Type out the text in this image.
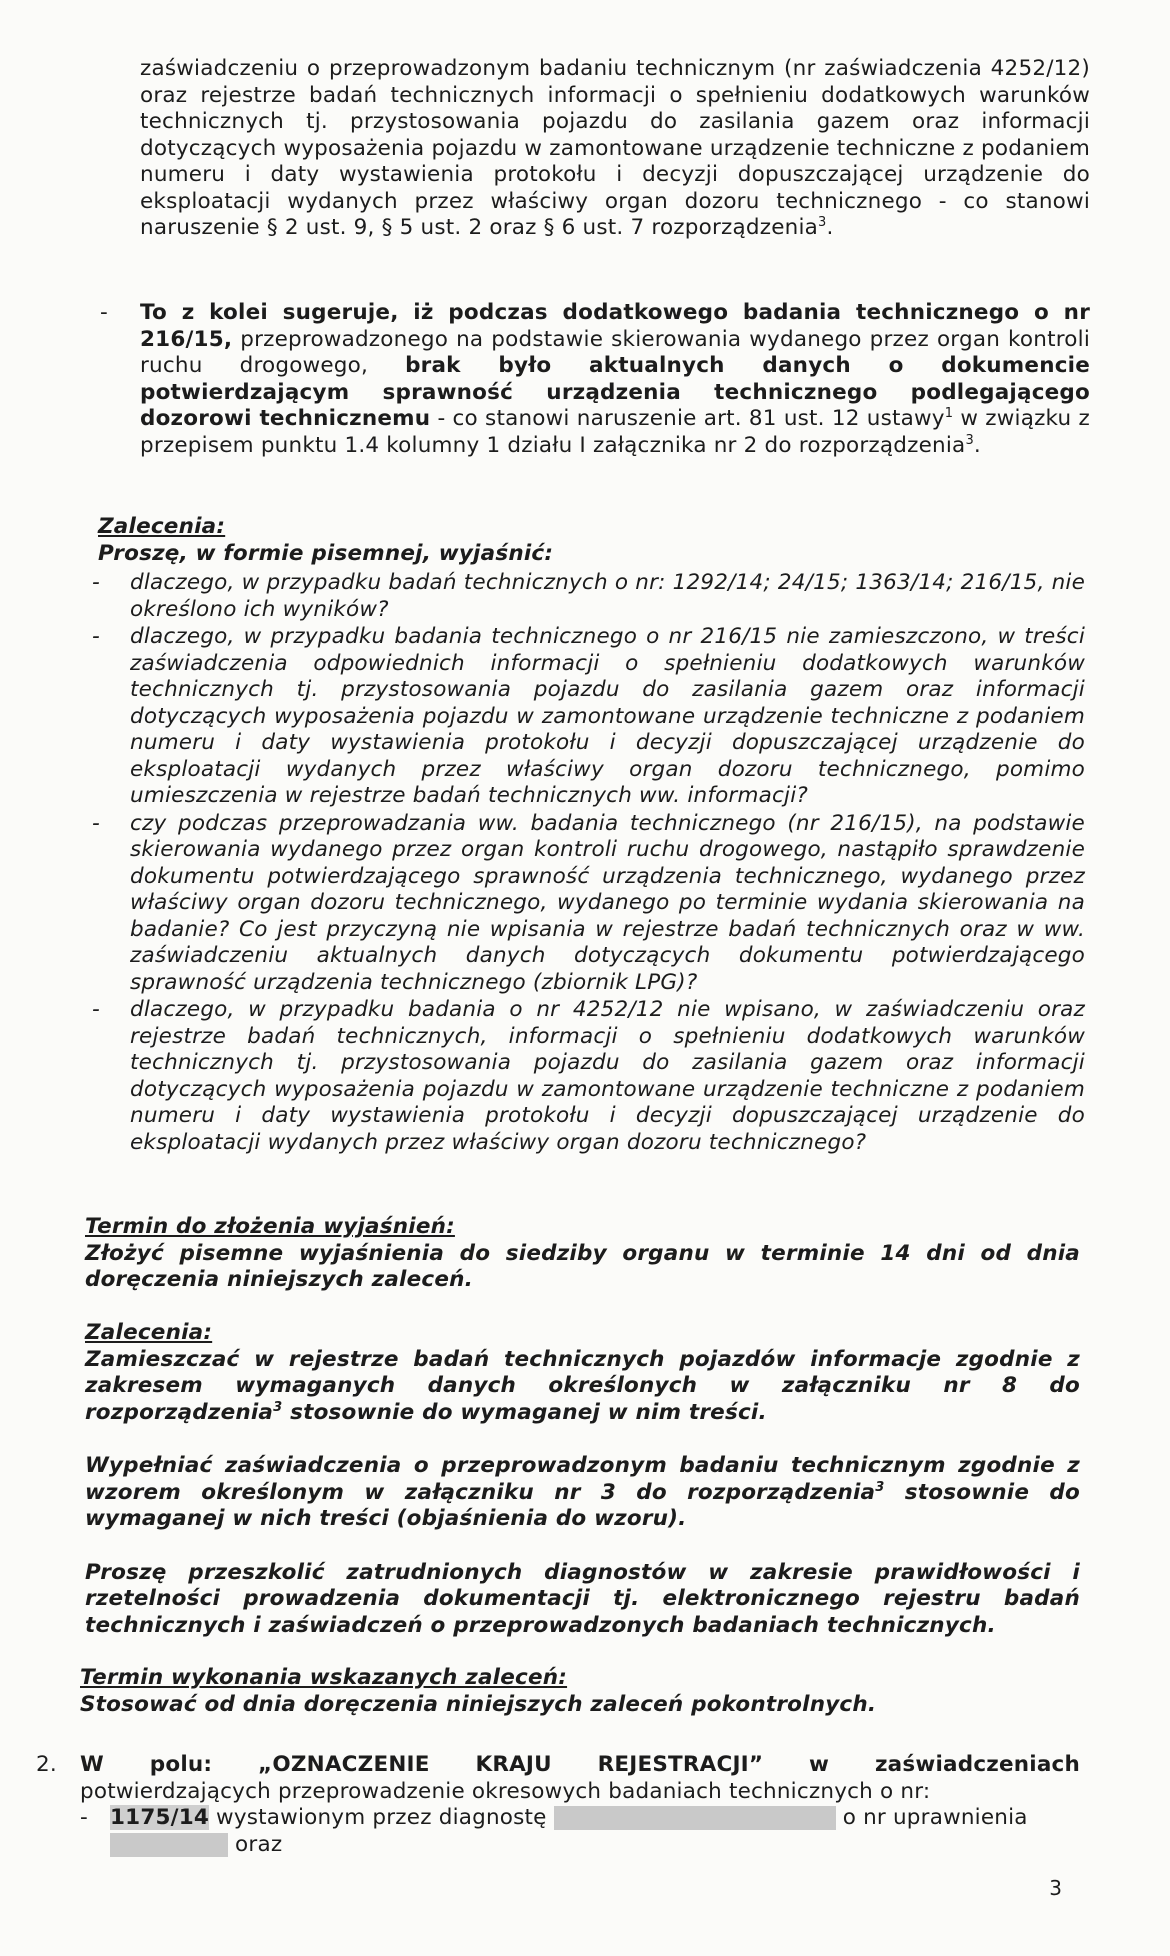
zaświadczeniu o przeprowadzonym badaniu technicznym (nr zaświadczenia 4252/12) oraz rejestrze badań technicznych informacji o spełnieniu dodatkowych warunków technicznych tj. przystosowania pojazdu do zasilania gazem oraz informacji dotyczących wyposażenia pojazdu w zamontowane urządzenie techniczne z podaniem numeru i daty wystawienia protokołu i decyzji dopuszczającej urządzenie do eksploatacji wydanych przez właściwy organ dozoru technicznego - co stanowi naruszenie § 2 ust. 9, § 5 ust. 2 oraz § 6 ust. 7 rozporządzenia$^3$.
- To z kolei sugeruje, iż podczas dodatkowego badania technicznego o nr 216/15, przeprowadzonego na podstawie skierowania wydanego przez organ kontroli ruchu drogowego, brak było aktualnych danych o dokumencie potwierdzającym sprawność urządzenia technicznego podlegającego dozorowi technicznemu - co stanowi naruszenie art. 81 ust. 12 ustawy$^1$ w związku z przepisem punktu 1.4 kolumny 1 działu I załącznika nr 2 do rozporządzenia$^3$.

Zalecenia:

Proszę, w formie pisemnej, wyjaśnić:

- dlaczego, w przypadku badań technicznych o nr: 1292/14; 24/15; 1363/14; 216/15, nie określono ich wyników?
- dlaczego, w przypadku badania technicznego o nr 216/15 nie zamieszczono, w treści zaświadczenia odpowiednich informacji o spełnieniu dodatkowych warunków technicznych tj. przystosowania pojazdu do zasilania gazem oraz informacji dotyczących wyposażenia pojazdu w zamontowane urządzenie techniczne z podaniem numeru i daty wystawienia protokołu i decyzji dopuszczającej urządzenie do eksploatacji wydanych przez właściwy organ dozoru technicznego, pomimo umieszczenia w rejestrze badań technicznych ww. informacji?
- czy podczas przeprowadzania ww. badania technicznego (nr 216/15), na podstawie skierowania wydanego przez organ kontroli ruchu drogowego, nastąpiło sprawdzenie dokumentu potwierdzającego sprawność urządzenia technicznego, wydanego przez właściwy organ dozoru technicznego, wydanego po terminie wydania skierowania na badanie? Co jest przyczyną nie wpisania w rejestrze badań technicznych oraz w ww. zaświadczeniu aktualnych danych dotyczących dokumentu potwierdzającego sprawność urządzenia technicznego (zbiornik LPG)?
- dlaczego, w przypadku badania o nr 4252/12 nie wpisano, w zaświadczeniu oraz rejestrze badań technicznych, informacji o spełnieniu dodatkowych warunków technicznych tj. przystosowania pojazdu do zasilania gazem oraz informacji dotyczących wyposażenia pojazdu w zamontowane urządzenie techniczne z podaniem numeru i daty wystawienia protokołu i decyzji dopuszczającej urządzenie do eksploatacji wydanych przez właściwy organ dozoru technicznego?

Termin do złożenia wyjaśnień:

Złożyć pisemne wyjaśnienia do siedziby organu w terminie 14 dni od dnia doręczenia niniejszych zaleceń.

Zalecenia:

Zamieszczać w rejestrze badań technicznych pojazdów informacje zgodnie z zakresem wymaganych danych określonych w załączniku nr 8 do rozporządzenia$^3$ stosownie do wymaganej w nim treści.

Wypełniać zaświadczenia o przeprowadzonym badaniu technicznym zgodnie z wzorem określonym w załączniku nr 3 do rozporządzenia$^3$ stosownie do wymaganej w nich treści (objaśnienia do wzoru).

Proszę przeszkolić zatrudnionych diagnostów w zakresie prawidłowości i rzetelności prowadzenia dokumentacji tj. elektronicznego rejestru badań technicznych i zaświadczeń o przeprowadzonych badaniach technicznych.

Termin wykonania wskazanych zaleceń:

Stosować od dnia doręczenia niniejszych zaleceń pokontrolnych.

2. W polu: „OZNACZENIE KRAJU REJESTRACJI” w zaświadczeniach

potwierdzających przeprowadzenie okresowych badaniach technicznych o nr:

- 1175/14 wystawionym przez diagnostę	o nr uprawnienia
oraz
3
